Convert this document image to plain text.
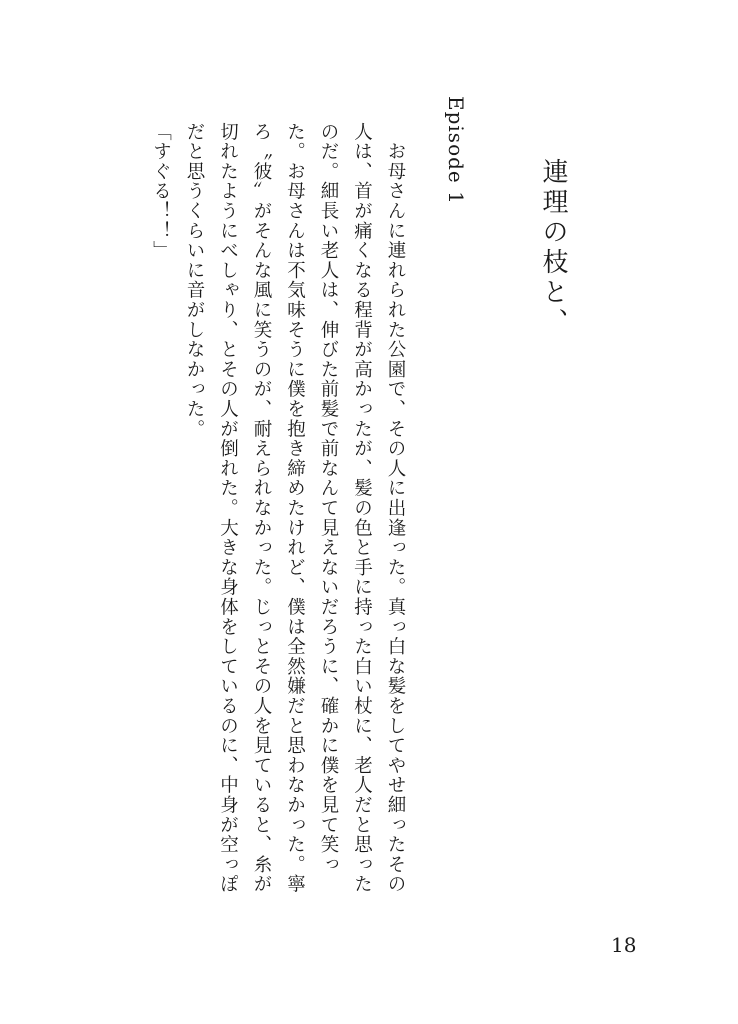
連理の枝と、
Episode 1

　お母さんに連れられた公園で、その人に出逢った。真っ白な髪をしてやせ細ったその人は、首が痛くなる程背が高かったが、髪の色と手に持った白い杖に、老人だと思ったのだ。細長い老人は、伸びた前髪で前なんて見えないだろうに、確かに僕を見て笑った。お母さんは不気味そうに僕を抱き締めたけれど、僕は全然嫌だと思わなかった。寧ろ〝彼〟がそんな風に笑うのが、耐えられなかった。じっとその人を見ていると、糸が切れたようにべしゃり、とその人が倒れた。大きな身体をしているのに、中身が空っぽだと思うくらいに音がしなかった。

「すぐる！！」

18
